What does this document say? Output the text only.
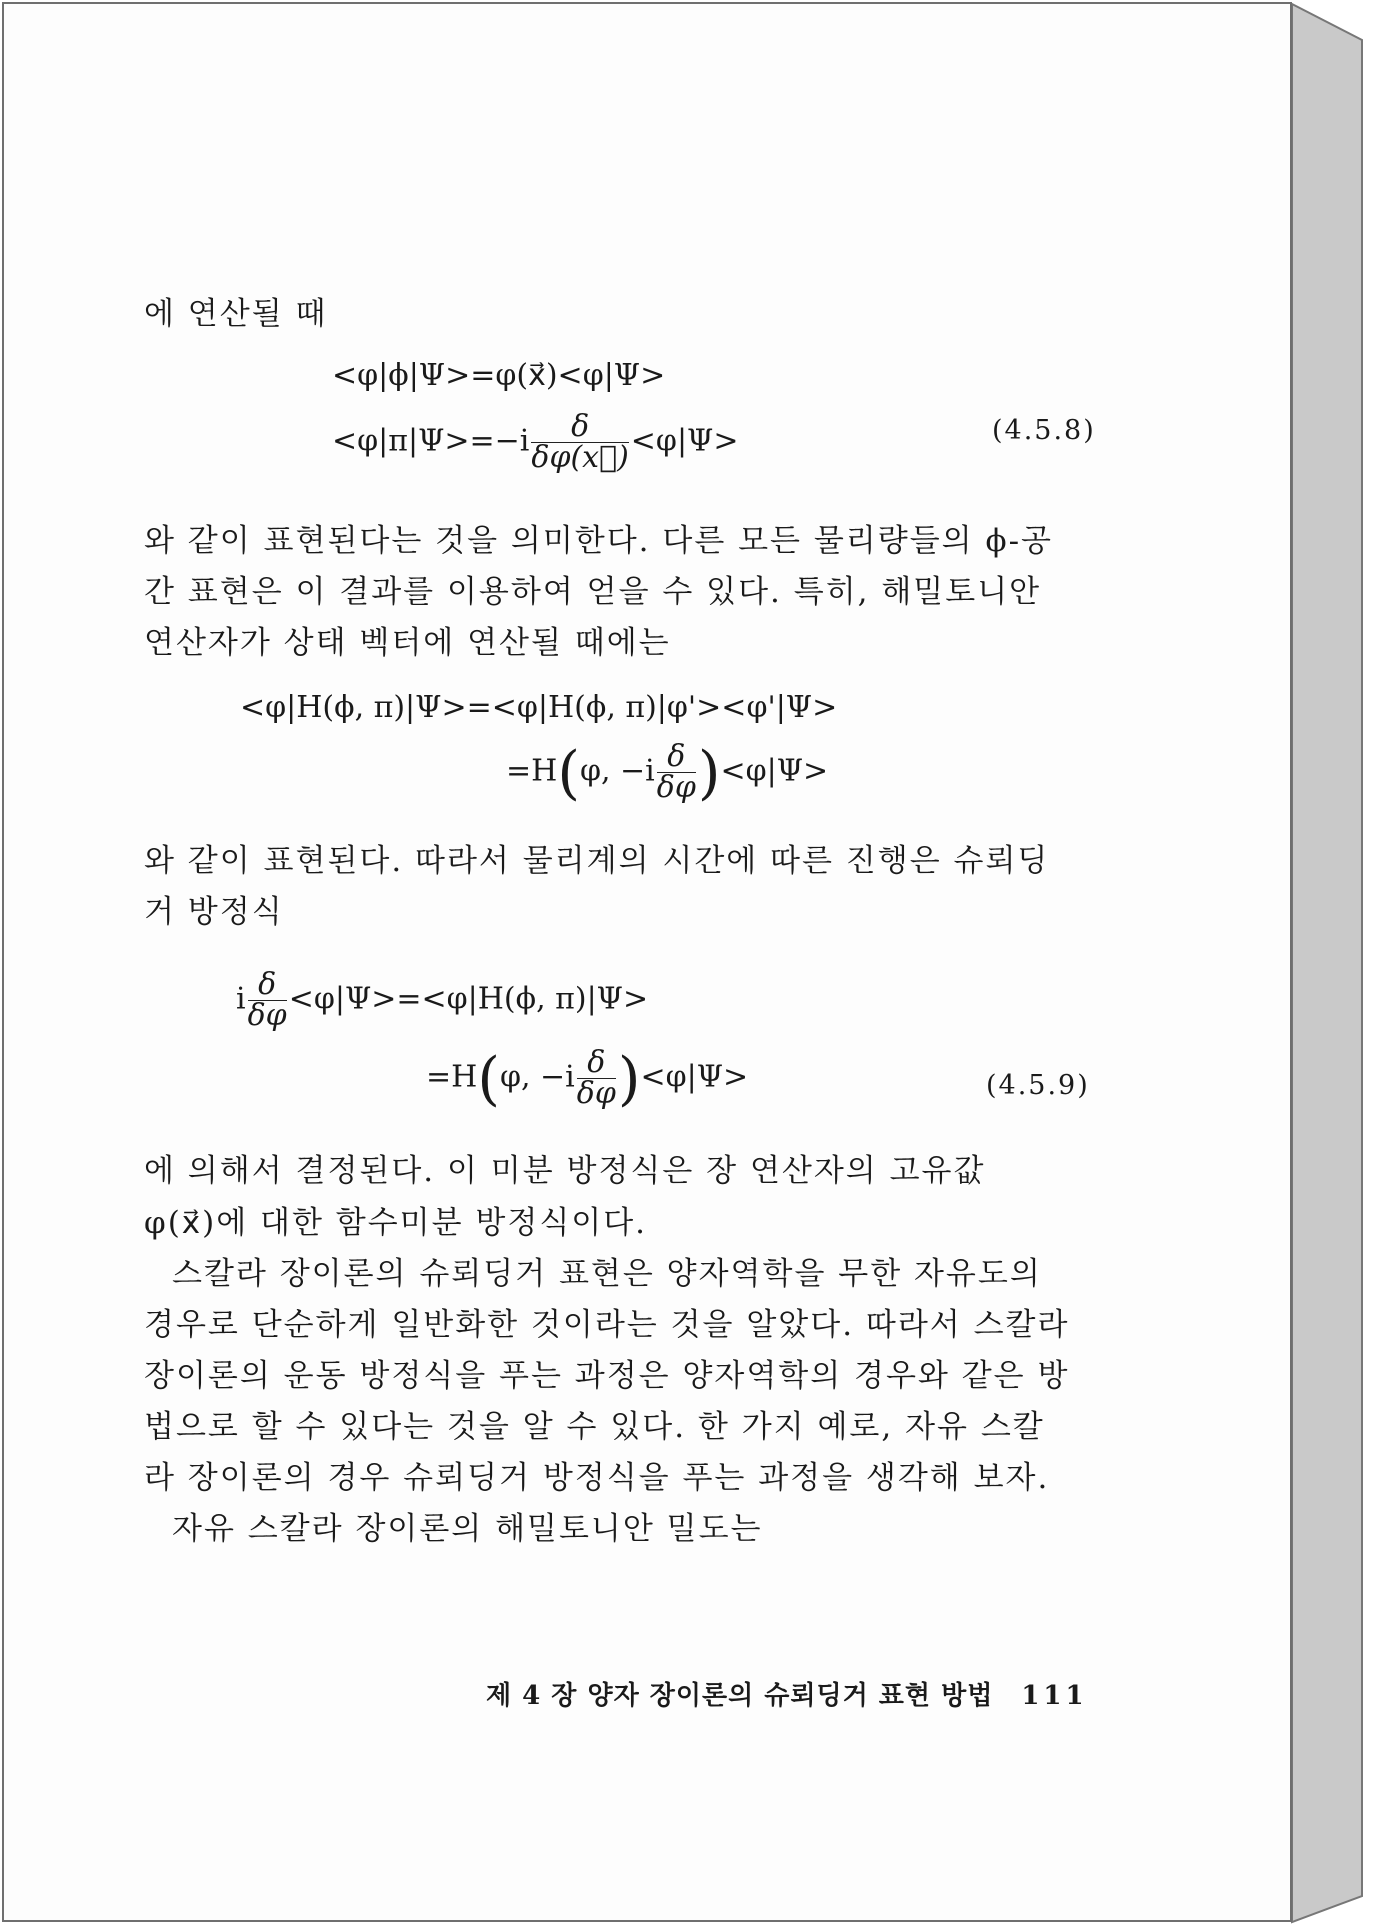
에 연산될 때
<φ|ϕ|Ψ>=φ(x⃗)<φ|Ψ>
$<\varphi|\pi|\Psi>=-i \frac{\delta}{\delta\varphi(x⃗)} <\varphi|\Psi>$	(4.5.8)
와 같이 표현된다는 것을 의미한다. 다른 모든 물리량들의 ϕ-공
간 표현은 이 결과를 이용하여 얻을 수 있다. 특히, 해밀토니안
연산자가 상태 벡터에 연산될 때에는
<φ|H(ϕ, π)|Ψ>=<φ|H(ϕ, π)|φ'><φ'|Ψ>
=H(φ, $-i \frac{\delta}{\delta\varphi} )<\varphi|\Psi>$
와 같이 표현된다. 따라서 물리계의 시간에 따른 진행은 슈뢰딩
거 방정식
i $\frac{\delta}{\delta\varphi} <\varphi|\Psi>=<\varphi|H(\phi$, π)|Ψ>
=H(φ, $-i \frac{\delta}{\delta\varphi} )<\varphi|\Psi>$	(4.5.9)
에 의해서 결정된다. 이 미분 방정식은 장 연산자의 고유값
φ(x⃗)에 대한 함수미분 방정식이다.
스칼라 장이론의 슈뢰딩거 표현은 양자역학을 무한 자유도의
경우로 단순하게 일반화한 것이라는 것을 알았다. 따라서 스칼라
장이론의 운동 방정식을 푸는 과정은 양자역학의 경우와 같은 방
법으로 할 수 있다는 것을 알 수 있다. 한 가지 예로, 자유 스칼
라 장이론의 경우 슈뢰딩거 방정식을 푸는 과정을 생각해 보자.
자유 스칼라 장이론의 해밀토니안 밀도는
제 4 장 양자 장이론의 슈뢰딩거 표현 방법 111
